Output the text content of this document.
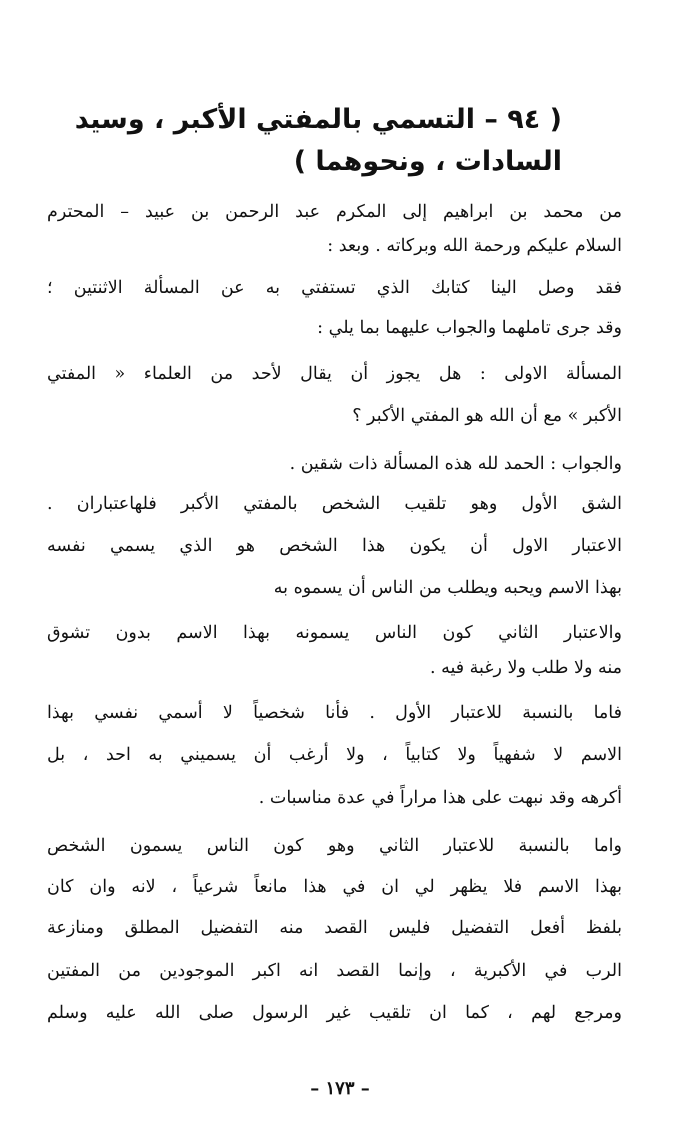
( ٩٤ – التسمي بالمفتي الأكبر ، وسيد
السادات ، ونحوهما )
من محمد بن ابراهيم إلى المكرم عبد الرحمن بن عبيد – المحترم
السلام عليكم ورحمة الله وبركاته . وبعد :
فقد وصل الينا كتابك الذي تستفتي به عن المسألة الاثنتين ؛
وقد جرى تاملهما والجواب عليهما بما يلي :
المسألة الاولى : هل يجوز أن يقال لأحد من العلماء « المفتي
الأكبر » مع أن الله هو المفتي الأكبر ؟
والجواب : الحمد لله هذه المسألة ذات شقين .
الشق الأول وهو تلقيب الشخص بالمفتي الأكبر فلهاعتباران .
الاعتبار الاول أن يكون هذا الشخص هو الذي يسمي نفسه
بهذا الاسم ويحبه ويطلب من الناس أن يسموه به
والاعتبار الثاني كون الناس يسمونه بهذا الاسم بدون تشوق
منه ولا طلب ولا رغبة فيه .
فاما بالنسبة للاعتبار الأول . فأنا شخصياً لا أسمي نفسي بهذا
الاسم لا شفهياً ولا كتابياً ، ولا أرغب أن يسميني به احد ، بل
أكرهه وقد نبهت على هذا مراراً في عدة مناسبات .
واما بالنسبة للاعتبار الثاني وهو كون الناس يسمون الشخص
بهذا الاسم فلا يظهر لي ان في هذا مانعاً شرعياً ، لانه وان كان
بلفظ أفعل التفضيل فليس القصد منه التفضيل المطلق ومنازعة
الرب في الأكبرية ، وإنما القصد انه اكبر الموجودين من المفتين
ومرجع لهم ، كما ان تلقيب غير الرسول صلى الله عليه وسلم
– ١٧٣ –
